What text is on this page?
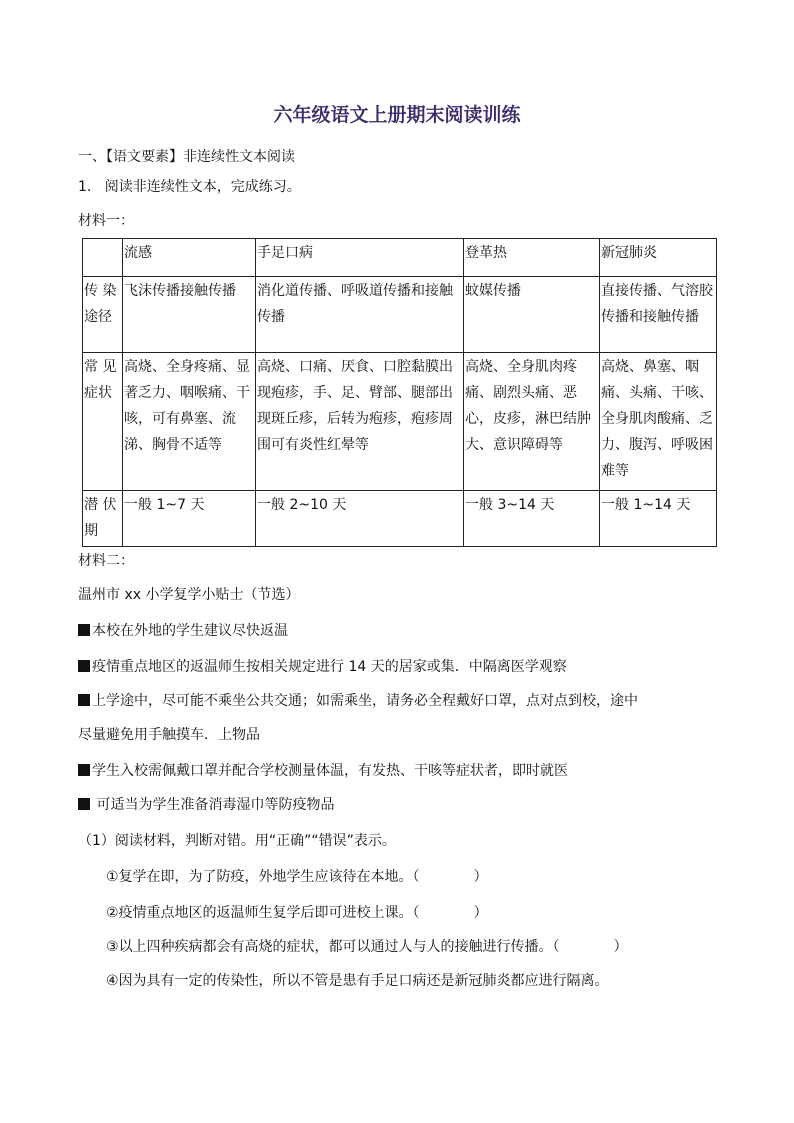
六年级语文上册期末阅读训练
一、【语文要素】非连续性文本阅读
1.   阅读非连续性文本，完成练习。
材料一：
	流感	手足口病	登革热	新冠肺炎
传 染途径	飞沫传播接触传播	消化道传播、呼吸道传播和接触传播	蚊媒传播	直接传播、气溶胶传播和接触传播
常 见症状	高烧、全身疼痛、显著乏力、咽喉痛、干咳，可有鼻塞、流涕、胸骨不适等	高烧、口痛、厌食、口腔黏膜出现疱疹，手、足、臂部、腿部出现斑丘疹，后转为疱疹，疱疹周围可有炎性红晕等	高烧、全身肌肉疼痛、剧烈头痛、恶心，皮疹，淋巴结肿大、意识障碍等	高烧、鼻塞、咽痛、头痛、干咳、全身肌肉酸痛、乏力、腹泻、呼吸困难等
潜 伏期	一般 1~7 天	一般 2~10 天	一般 3~14 天	一般 1~14 天
材料二：
温州市 xx 小学复学小贴士（节选）
本校在外地的学生建议尽快返温
疫情重点地区的返温师生按相关规定进行 14 天的居家或集．中隔离医学观察
上学途中，尽可能不乘坐公共交通；如需乘坐，请务必全程戴好口罩，点对点到校，途中
尽量避免用手触摸车．上物品
学生入校需佩戴口罩并配合学校测量体温，有发热、干咳等症状者，即时就医
可适当为学生准备消毒湿巾等防疫物品
（1）阅读材料，判断对错。用“正确”“错误”表示。
①复学在即，为了防疫，外地学生应该待在本地。（	）
②疫情重点地区的返温师生复学后即可进校上课。（	）
③以上四种疾病都会有高烧的症状，都可以通过人与人的接触进行传播。（	）
④因为具有一定的传染性，所以不管是患有手足口病还是新冠肺炎都应进行隔离。
